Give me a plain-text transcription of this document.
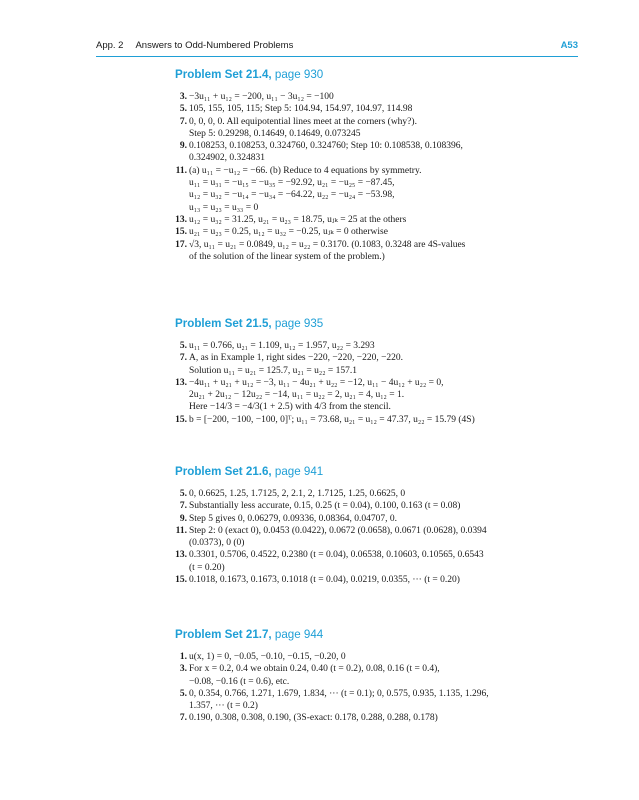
App. 2 Answers to Odd-Numbered Problems	A53
Problem Set 21.4, page 930
3. −3u₁₁ + u₁₂ = −200, u₁₁ − 3u₁₂ = −100
5. 105, 155, 105, 115; Step 5: 104.94, 154.97, 104.97, 114.98
7. 0, 0, 0, 0. All equipotential lines meet at the corners (why?).
Step 5: 0.29298, 0.14649, 0.14649, 0.073245
9. 0.108253, 0.108253, 0.324760, 0.324760; Step 10: 0.108538, 0.108396,
0.324902, 0.324831
11. (a) u₁₁ = −u₁₂ = −66. (b) Reduce to 4 equations by symmetry.
u₁₁ = u₃₁ = −u₁₅ = −u₃₅ = −92.92, u₂₁ = −u₂₅ = −87.45,
u₁₂ = u₃₂ = −u₁₄ = −u₃₄ = −64.22, u₂₂ = −u₂₄ = −53.98,
u₁₃ = u₂₃ = u₃₃ = 0
13. u₁₂ = u₃₂ = 31.25, u₂₁ = u₂₃ = 18.75, uⱼₖ = 25 at the others
15. u₂₁ = u₂₃ = 0.25, u₁₂ = u₃₂ = −0.25, uⱼₖ = 0 otherwise
17. √3, u₁₁ = u₂₁ = 0.0849, u₁₂ = u₂₂ = 0.3170. (0.1083, 0.3248 are 4S-values
of the solution of the linear system of the problem.)
Problem Set 21.5, page 935
5. u₁₁ = 0.766, u₂₁ = 1.109, u₁₂ = 1.957, u₂₂ = 3.293
7. A, as in Example 1, right sides −220, −220, −220, −220.
Solution u₁₁ = u₂₁ = 125.7, u₂₁ = u₂₂ = 157.1
13. −4u₁₁ + u₂₁ + u₁₂ = −3, u₁₁ − 4u₂₁ + u₂₂ = −12, u₁₁ − 4u₁₂ + u₂₂ = 0,
2u₂₁ + 2u₁₂ − 12u₂₂ = −14, u₁₁ = u₂₂ = 2, u₂₁ = 4, u₁₂ = 1.
Here −14/3 = −4/3(1 + 2.5) with 4/3 from the stencil.
15. b = [−200, −100, −100, 0]ᵀ; u₁₁ = 73.68, u₂₁ = u₁₂ = 47.37, u₂₂ = 15.79 (4S)
Problem Set 21.6, page 941
5. 0, 0.6625, 1.25, 1.7125, 2, 2.1, 2, 1.7125, 1.25, 0.6625, 0
7. Substantially less accurate, 0.15, 0.25 (t = 0.04), 0.100, 0.163 (t = 0.08)
9. Step 5 gives 0, 0.06279, 0.09336, 0.08364, 0.04707, 0.
11. Step 2: 0 (exact 0), 0.0453 (0.0422), 0.0672 (0.0658), 0.0671 (0.0628), 0.0394
(0.0373), 0 (0)
13. 0.3301, 0.5706, 0.4522, 0.2380 (t = 0.04), 0.06538, 0.10603, 0.10565, 0.6543
(t = 0.20)
15. 0.1018, 0.1673, 0.1673, 0.1018 (t = 0.04), 0.0219, 0.0355, ··· (t = 0.20)
Problem Set 21.7, page 944
1. u(x, 1) = 0, −0.05, −0.10, −0.15, −0.20, 0
3. For x = 0.2, 0.4 we obtain 0.24, 0.40 (t = 0.2), 0.08, 0.16 (t = 0.4),
−0.08, −0.16 (t = 0.6), etc.
5. 0, 0.354, 0.766, 1.271, 1.679, 1.834, ··· (t = 0.1); 0, 0.575, 0.935, 1.135, 1.296,
1.357, ··· (t = 0.2)
7. 0.190, 0.308, 0.308, 0.190, (3S-exact: 0.178, 0.288, 0.288, 0.178)
